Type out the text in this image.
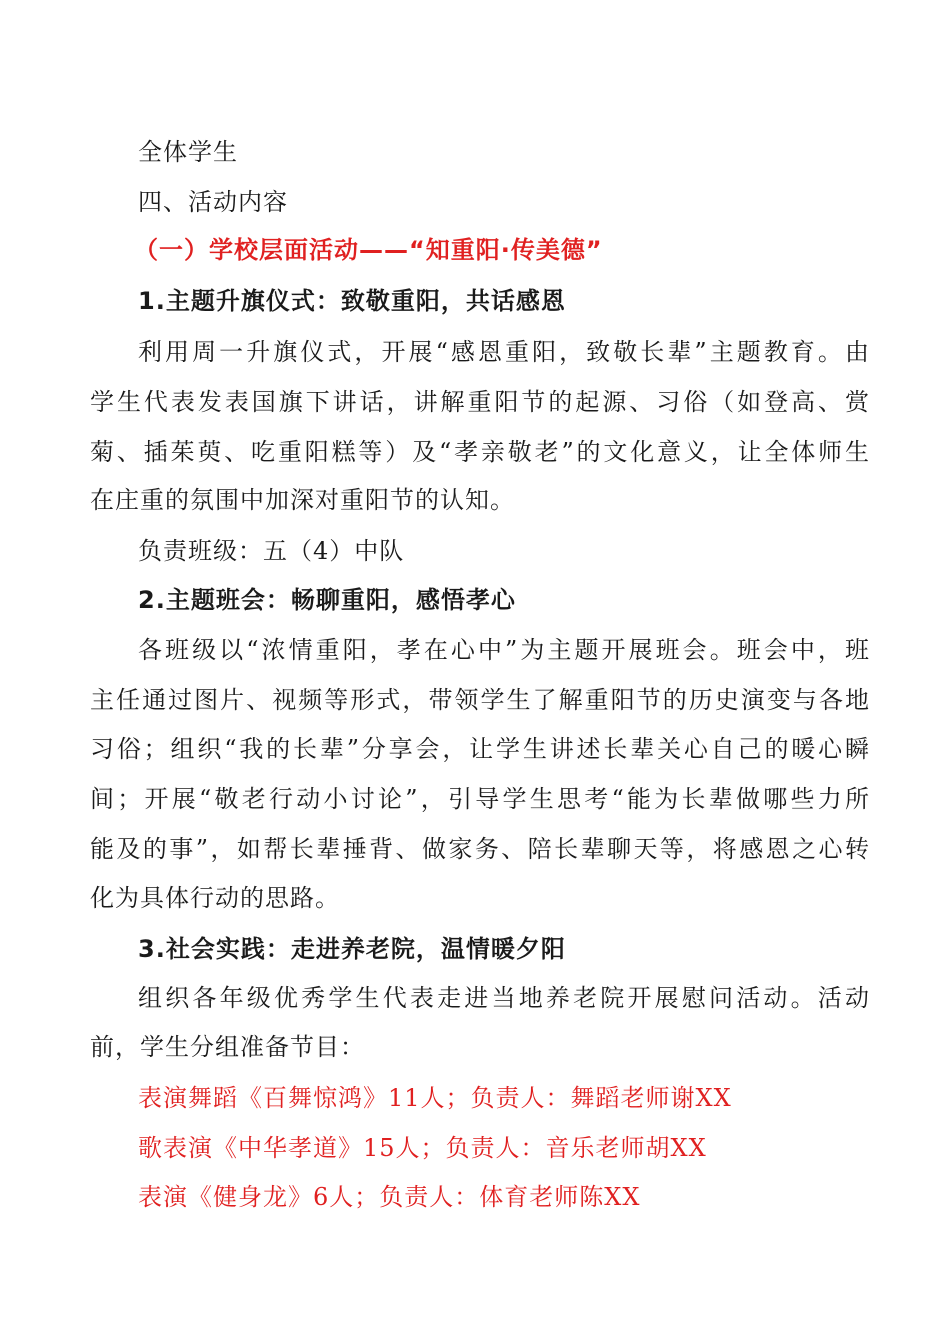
全体学生
四、活动内容
（一）学校层面活动——“知重阳·传美德”
1.主题升旗仪式：致敬重阳，共话感恩
利用周一升旗仪式，开展“感恩重阳，致敬长辈”主题教育。由
学生代表发表国旗下讲话，讲解重阳节的起源、习俗（如登高、赏
菊、插茱萸、吃重阳糕等）及“孝亲敬老”的文化意义，让全体师生
在庄重的氛围中加深对重阳节的认知。
负责班级：五（4）中队
2.主题班会：畅聊重阳，感悟孝心
各班级以“浓情重阳，孝在心中”为主题开展班会。班会中，班
主任通过图片、视频等形式，带领学生了解重阳节的历史演变与各地
习俗；组织“我的长辈”分享会，让学生讲述长辈关心自己的暖心瞬
间；开展“敬老行动小讨论”，引导学生思考“能为长辈做哪些力所
能及的事”，如帮长辈捶背、做家务、陪长辈聊天等，将感恩之心转
化为具体行动的思路。
3.社会实践：走进养老院，温情暖夕阳
组织各年级优秀学生代表走进当地养老院开展慰问活动。活动
前，学生分组准备节目：
表演舞蹈《百舞惊鸿》11人；负责人：舞蹈老师谢XX
歌表演《中华孝道》15人；负责人：音乐老师胡XX
表演《健身龙》6人；负责人：体育老师陈XX
